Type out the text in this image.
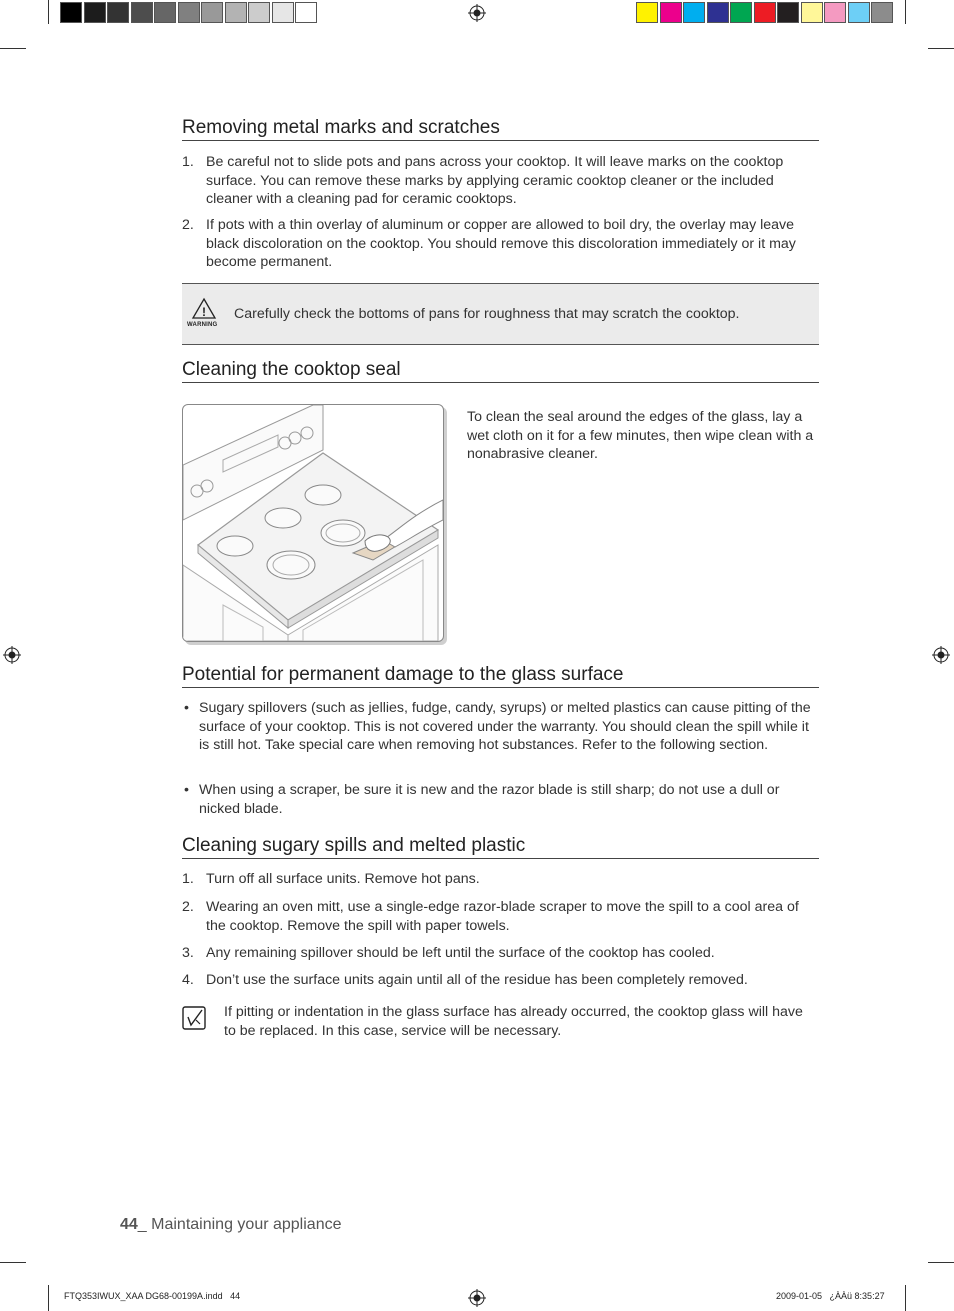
Removing metal marks and scratches
1. Be careful not to slide pots and pans across your cooktop. It will leave marks on the cooktop surface. You can remove these marks by applying ceramic cooktop cleaner or the included cleaner with a cleaning pad for ceramic cooktops.
2. If pots with a thin overlay of aluminum or copper are allowed to boil dry, the overlay may leave black discoloration on the cooktop. You should remove this discoloration immediately or it may become permanent.
!
WARNING
Carefully check the bottoms of pans for roughness that may scratch the cooktop.
Cleaning the cooktop seal
To clean the seal around the edges of the glass, lay a wet cloth on it for a few minutes, then wipe clean with a nonabrasive cleaner.
Potential for permanent damage to the glass surface
• Sugary spillovers (such as jellies, fudge, candy, syrups) or melted plastics can cause pitting of the surface of your cooktop. This is not covered under the warranty. You should clean the spill while it is still hot. Take special care when removing hot substances. Refer to the following section.
• When using a scraper, be sure it is new and the razor blade is still sharp; do not use a dull or nicked blade.
Cleaning sugary spills and melted plastic
1. Turn off all surface units. Remove hot pans.
2. Wearing an oven mitt, use a single-edge razor-blade scraper to move the spill to a cool area of the cooktop. Remove the spill with paper towels.
3. Any remaining spillover should be left until the surface of the cooktop has cooled.
4. Don’t use the surface units again until all of the residue has been completely removed.
If pitting or indentation in the glass surface has already occurred, the cooktop glass will have to be replaced. In this case, service will be necessary.
44_ Maintaining your appliance
FTQ353IWUX_XAA DG68-00199A.indd   44	2009-01-05   ¿ÀÀü 8:35:27
